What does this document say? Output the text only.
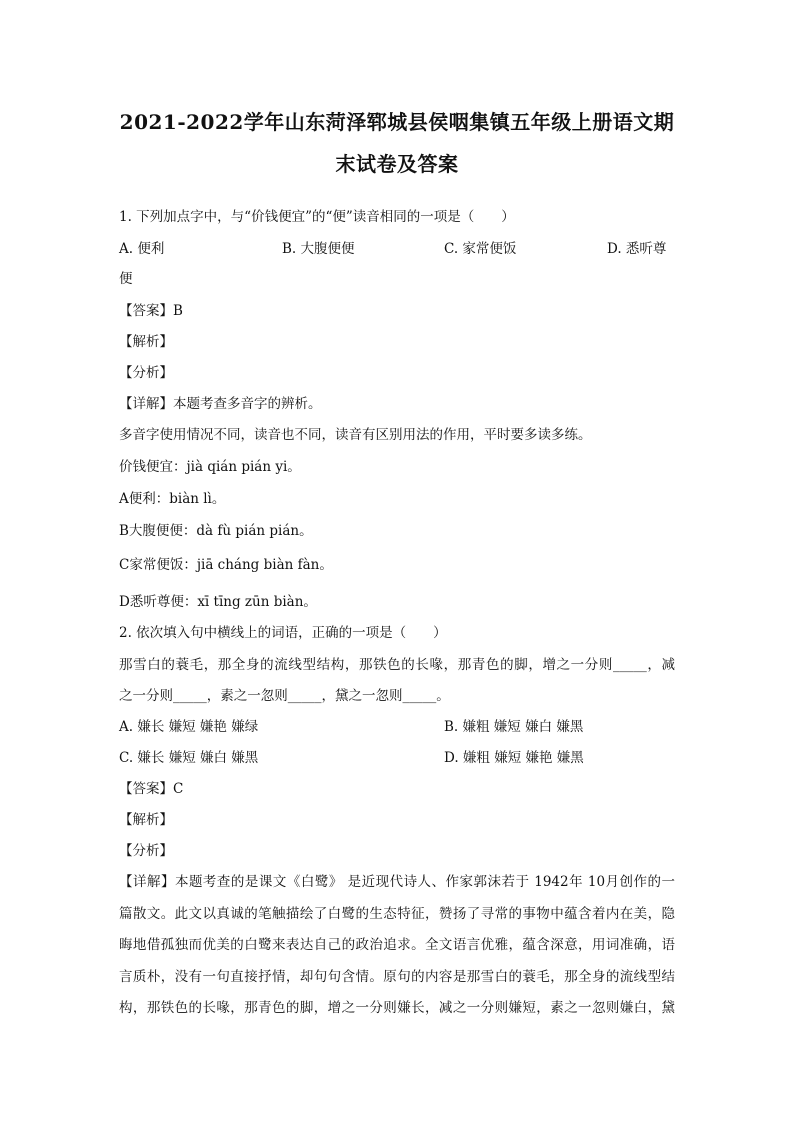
2021-2022学年山东菏泽郓城县侯咽集镇五年级上册语文期
末试卷及答案
1. 下列加点字中，与“价钱便宜”的“便”读音相同的一项是（　　）
A. 便利	B. 大腹便便	C. 家常便饭	D. 悉听尊
便
【答案】B
【解析】
【分析】
【详解】本题考查多音字的辨析。
多音字使用情况不同，读音也不同，读音有区别用法的作用，平时要多读多练。
价钱便宜：jià qián pián yi。
A便利：biàn lì。
B大腹便便：dà fù pián pián。
C家常便饭：jiā cháng biàn fàn。
D悉听尊便：xī tīng zūn biàn。
2. 依次填入句中横线上的词语，正确的一项是（　　）
那雪白的蓑毛，那全身的流线型结构，那铁色的长喙，那青色的脚，增之一分则_____，减
之一分则_____，素之一忽则_____，黛之一忽则_____。
A. 嫌长 嫌短 嫌艳 嫌绿	B. 嫌粗 嫌短 嫌白 嫌黑
C. 嫌长 嫌短 嫌白 嫌黑	D. 嫌粗 嫌短 嫌艳 嫌黑
【答案】C
【解析】
【分析】
【详解】本题考查的是课文《白鹭》 是近现代诗人、作家郭沫若于 1942年 10月创作的一
篇散文。此文以真诚的笔触描绘了白鹭的生态特征，赞扬了寻常的事物中蕴含着内在美，隐
晦地借孤独而优美的白鹭来表达自己的政治追求。全文语言优雅，蕴含深意，用词准确，语
言质朴，没有一句直接抒情，却句句含情。原句的内容是那雪白的蓑毛，那全身的流线型结
构，那铁色的长喙，那青色的脚，增之一分则嫌长，减之一分则嫌短，素之一忽则嫌白，黛
